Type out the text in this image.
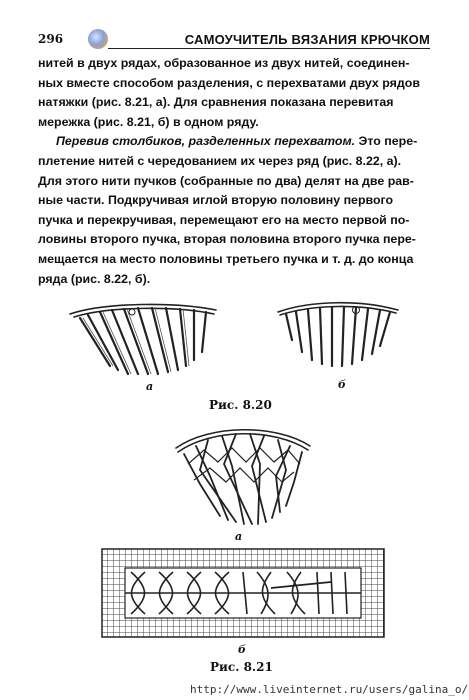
296	САМОУЧИТЕЛЬ ВЯЗАНИЯ КРЮЧКОМ
нитей в двух рядах, образованное из двух нитей, соединен-
ных вместе способом разделения, с перехватами двух рядов
натяжки (рис. 8.21, а). Для сравнения показана перевитая
мережка (рис. 8.21, б) в одном ряду.
Перевив столбиков, разделенных перехватом. Это пере-
плетение нитей с чередованием их через ряд (рис. 8.22, а).
Для этого нити пучков (собранные по два) делят на две рав-
ные части. Подкручивая иглой вторую половину первого
пучка и перекручивая, перемещают его на место первой по-
ловины второго пучка, вторая половина второго пучка пере-
мещается на место половины третьего пучка и т. д. до конца
ряда (рис. 8.22, б).
а	б
Рис. 8.20
а
б
Рис. 8.21
http://www.liveinternet.ru/users/galina_o/
